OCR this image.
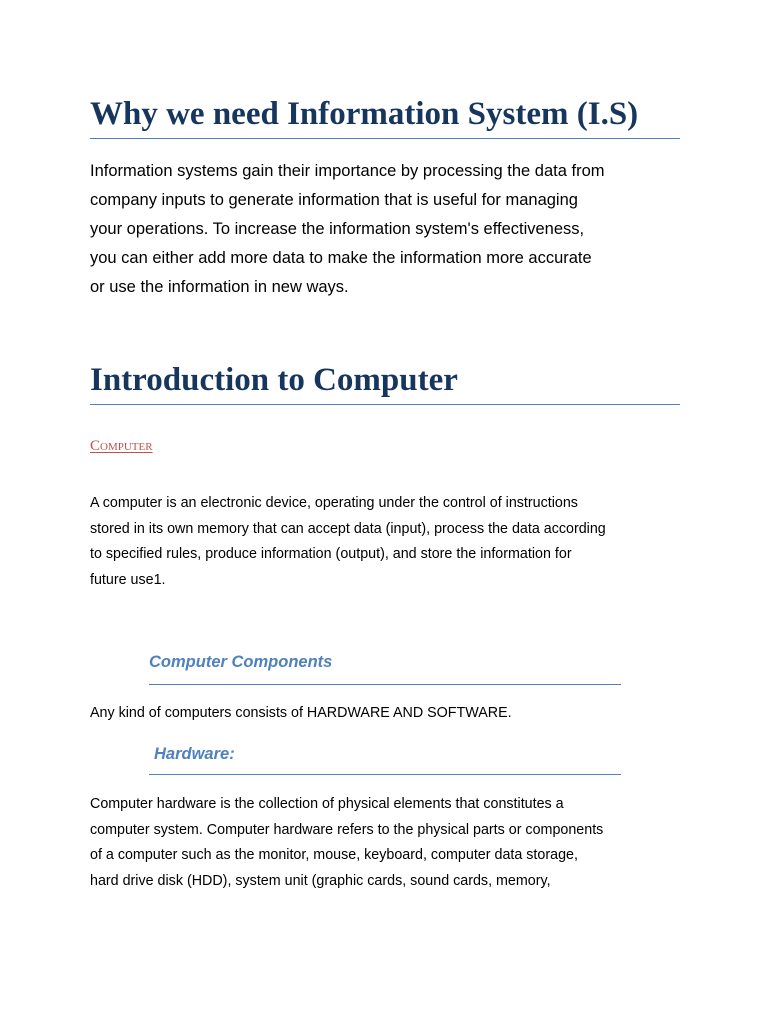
Why we need Information System (I.S)
Information systems gain their importance by processing the data from
company inputs to generate information that is useful for managing
your operations. To increase the information system's effectiveness,
you can either add more data to make the information more accurate
or use the information in new ways.
Introduction to Computer
Computer
A computer is an electronic device, operating under the control of instructions
stored in its own memory that can accept data (input), process the data according
to specified rules, produce information (output), and store the information for
future use1.
Computer Components
Any kind of computers consists of HARDWARE AND SOFTWARE.
Hardware:
Computer hardware is the collection of physical elements that constitutes a
computer system. Computer hardware refers to the physical parts or components
of a computer such as the monitor, mouse, keyboard, computer data storage,
hard drive disk (HDD), system unit (graphic cards, sound cards, memory,
